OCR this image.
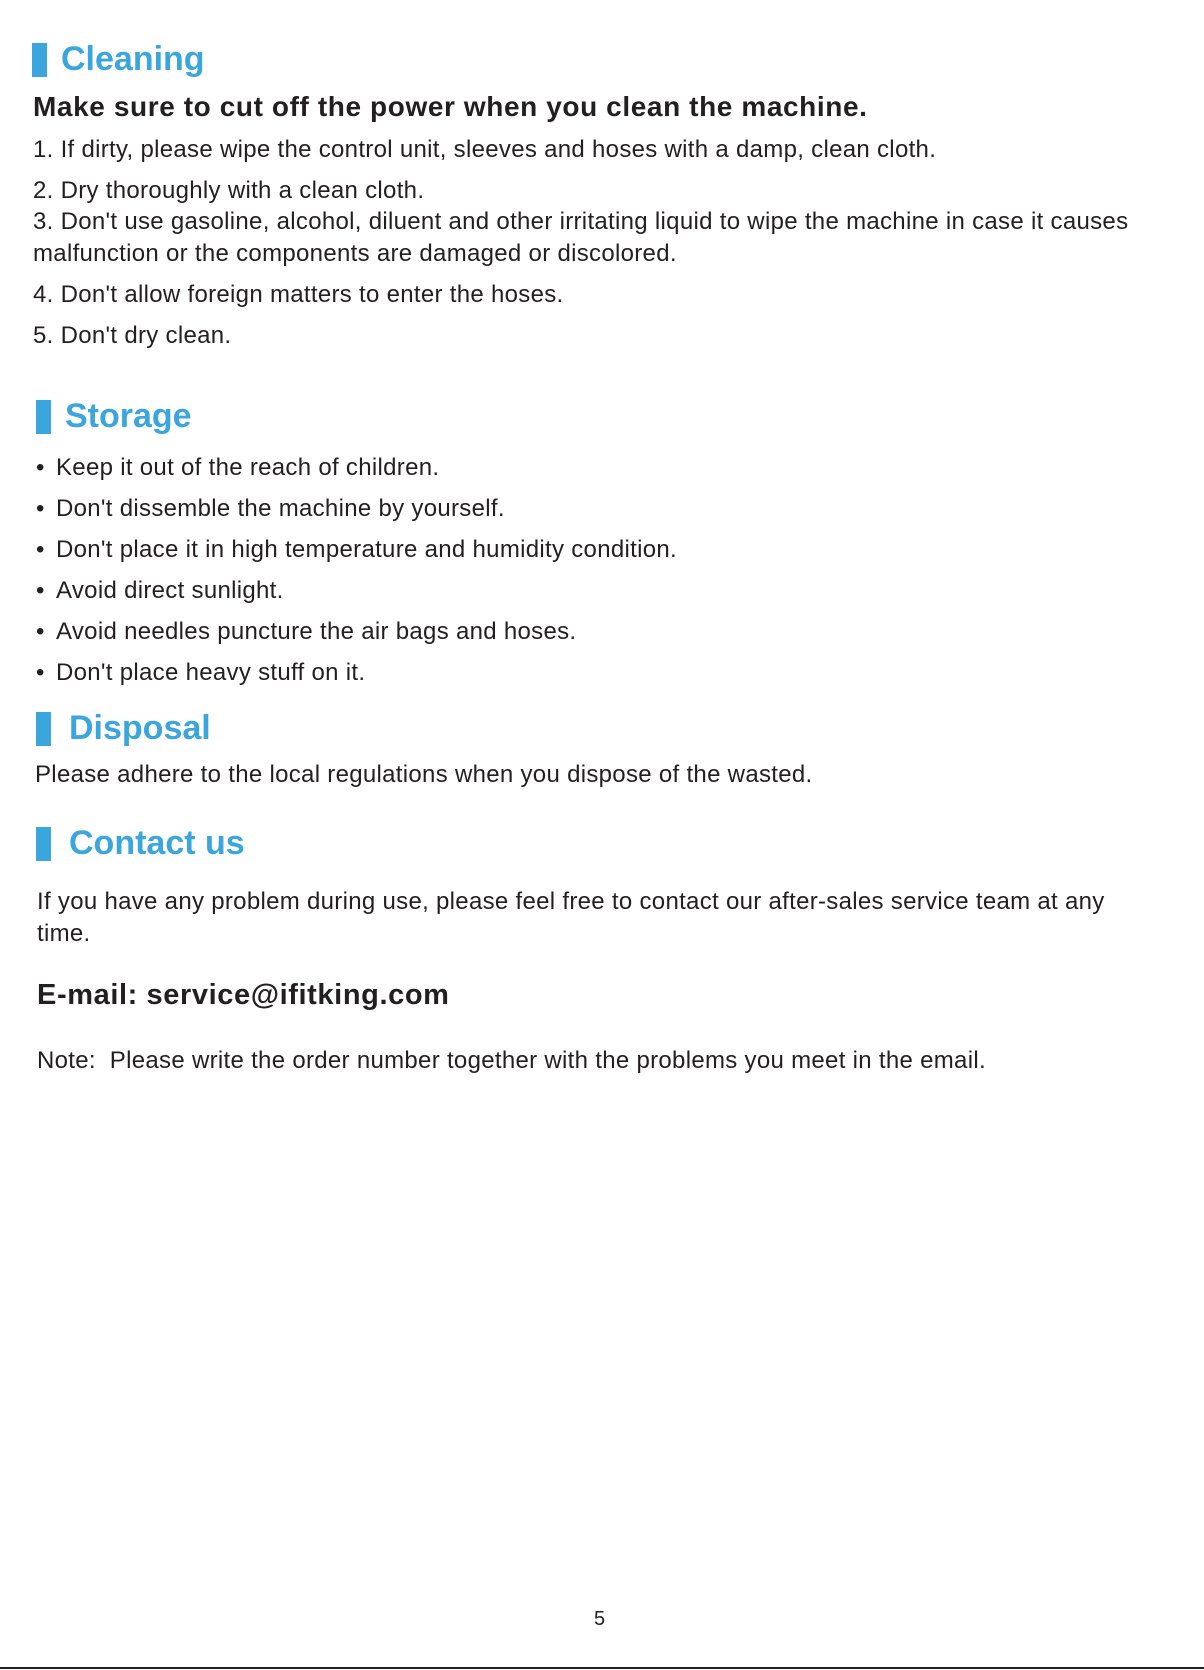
Cleaning
Make sure to cut off the power when you clean the machine.
1. If dirty, please wipe the control unit, sleeves and hoses with a damp, clean cloth.
2. Dry thoroughly with a clean cloth.
3. Don't use gasoline, alcohol, diluent and other irritating liquid to wipe the machine in case it causes malfunction or the components are damaged or discolored.
4. Don't allow foreign matters to enter the hoses.
5. Don't dry clean.
Storage
• Keep it out of the reach of children.
• Don't dissemble the machine by yourself.
• Don't place it in high temperature and humidity condition.
• Avoid direct sunlight.
• Avoid needles puncture the air bags and hoses.
• Don't place heavy stuff on it.
Disposal
Please adhere to the local regulations when you dispose of the wasted.
Contact us
If you have any problem during use, please feel free to contact our after-sales service team at any time.
E-mail: service@ifitking.com
Note:  Please write the order number together with the problems you meet in the email.
5
